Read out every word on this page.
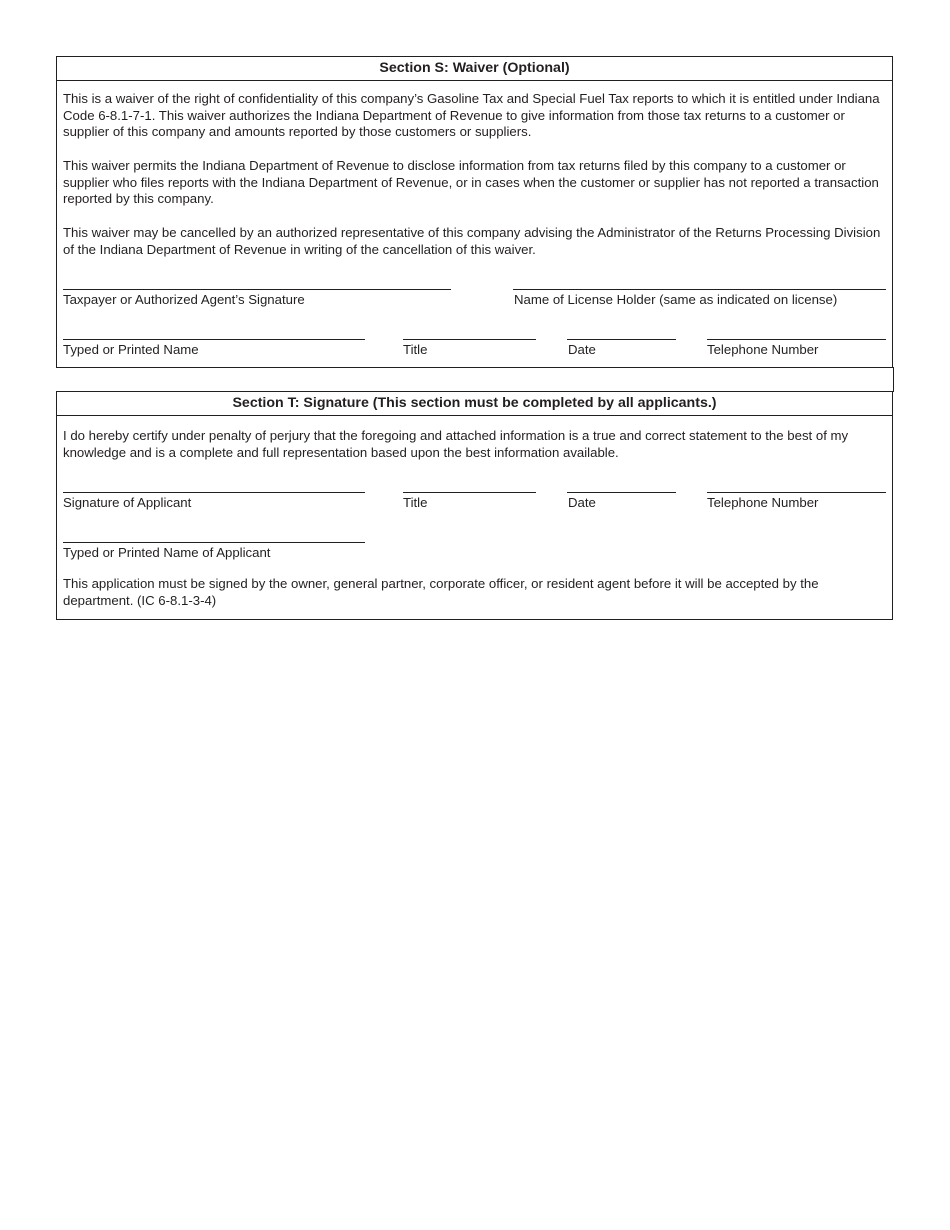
Section S: Waiver (Optional)

This is a waiver of the right of confidentiality of this company’s Gasoline Tax and Special Fuel Tax reports to which it is entitled under Indiana Code 6-8.1-7-1. This waiver authorizes the Indiana Department of Revenue to give information from those tax returns to a customer or supplier of this company and amounts reported by those customers or suppliers.

This waiver permits the Indiana Department of Revenue to disclose information from tax returns filed by this company to a customer or supplier who files reports with the Indiana Department of Revenue, or in cases when the customer or supplier has not reported a transaction reported by this company.

This waiver may be cancelled by an authorized representative of this company advising the Administrator of the Returns Processing Division of the Indiana Department of Revenue in writing of the cancellation of this waiver.

Taxpayer or Authorized Agent’s Signature	Name of License Holder (same as indicated on license)
Typed or Printed Name	Title	Date	Telephone Number
Section T: Signature (This section must be completed by all applicants.)

I do hereby certify under penalty of perjury that the foregoing and attached information is a true and correct statement to the best of my knowledge and is a complete and full representation based upon the best information available.

Signature of Applicant	Title	Date	Telephone Number
Typed or Printed Name of Applicant

This application must be signed by the owner, general partner, corporate officer, or resident agent before it will be accepted by the department. (IC 6-8.1-3-4)
